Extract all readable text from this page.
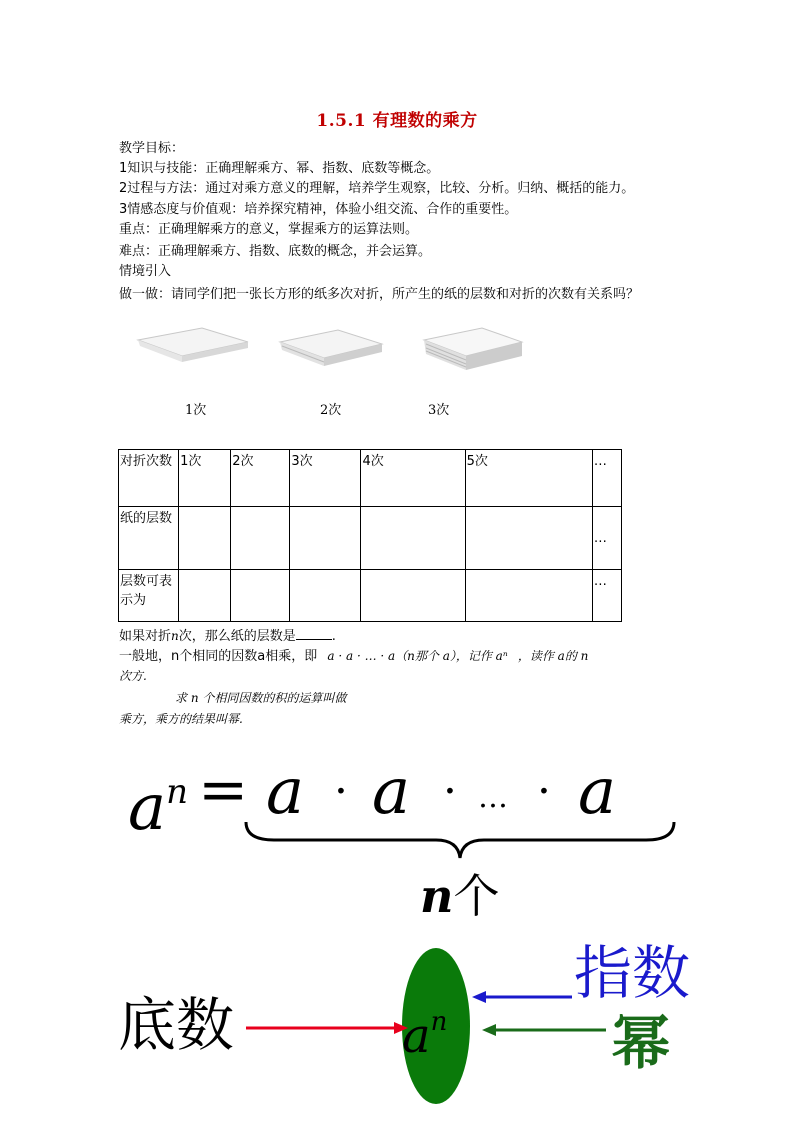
1.5.1 有理数的乘方
教学目标：
1知识与技能：正确理解乘方、幂、指数、底数等概念。
2过程与方法：通过对乘方意义的理解，培养学生观察，比较、分析。归纳、概括的能力。
3情感态度与价值观：培养探究精神，体验小组交流、合作的重要性。
重点：正确理解乘方的意义，掌握乘方的运算法则。
难点：正确理解乘方、指数、底数的概念，并会运算。
情境引入
做一做：请同学们把一张长方形的纸多次对折，所产生的纸的层数和对折的次数有关系吗？
1次	2次	3次
对折次数	1次	2次	3次	4次	5次	…
纸的层数						…
层数可表示为						…
如果对折n次，那么纸的层数是	.
一般地，n个相同的因数a相乘，即 a · a · … · a（n那个 a），记作 aⁿ ，读作 a的 n
次方.
求 n 个相同因数的积的运算叫做
乘方，乘方的结果叫幂.
$a^n = a \cdot a$ · … · a
n个
底数	$a^n$
指数
幂
